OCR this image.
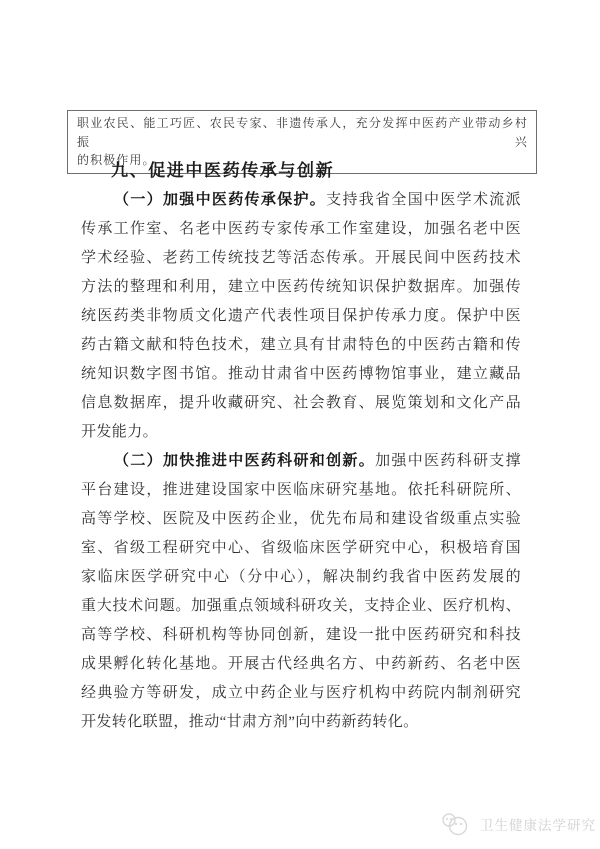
职业农民、能工巧匠、农民专家、非遗传承人，充分发挥中医药产业带动乡村振兴
的积极作用。
九、促进中医药传承与创新
（一）加强中医药传承保护。支持我省全国中医学术流派
传承工作室、名老中医药专家传承工作室建设，加强名老中医
学术经验、老药工传统技艺等活态传承。开展民间中医药技术
方法的整理和利用，建立中医药传统知识保护数据库。加强传
统医药类非物质文化遗产代表性项目保护传承力度。保护中医
药古籍文献和特色技术，建立具有甘肃特色的中医药古籍和传
统知识数字图书馆。推动甘肃省中医药博物馆事业，建立藏品
信息数据库，提升收藏研究、社会教育、展览策划和文化产品
开发能力。
（二）加快推进中医药科研和创新。加强中医药科研支撑
平台建设，推进建设国家中医临床研究基地。依托科研院所、
高等学校、医院及中医药企业，优先布局和建设省级重点实验
室、省级工程研究中心、省级临床医学研究中心，积极培育国
家临床医学研究中心（分中心），解决制约我省中医药发展的
重大技术问题。加强重点领域科研攻关，支持企业、医疗机构、
高等学校、科研机构等协同创新，建设一批中医药研究和科技
成果孵化转化基地。开展古代经典名方、中药新药、名老中医
经典验方等研发，成立中药企业与医疗机构中药院内制剂研究
开发转化联盟，推动“甘肃方剂”向中药新药转化。
卫生健康法学研究
